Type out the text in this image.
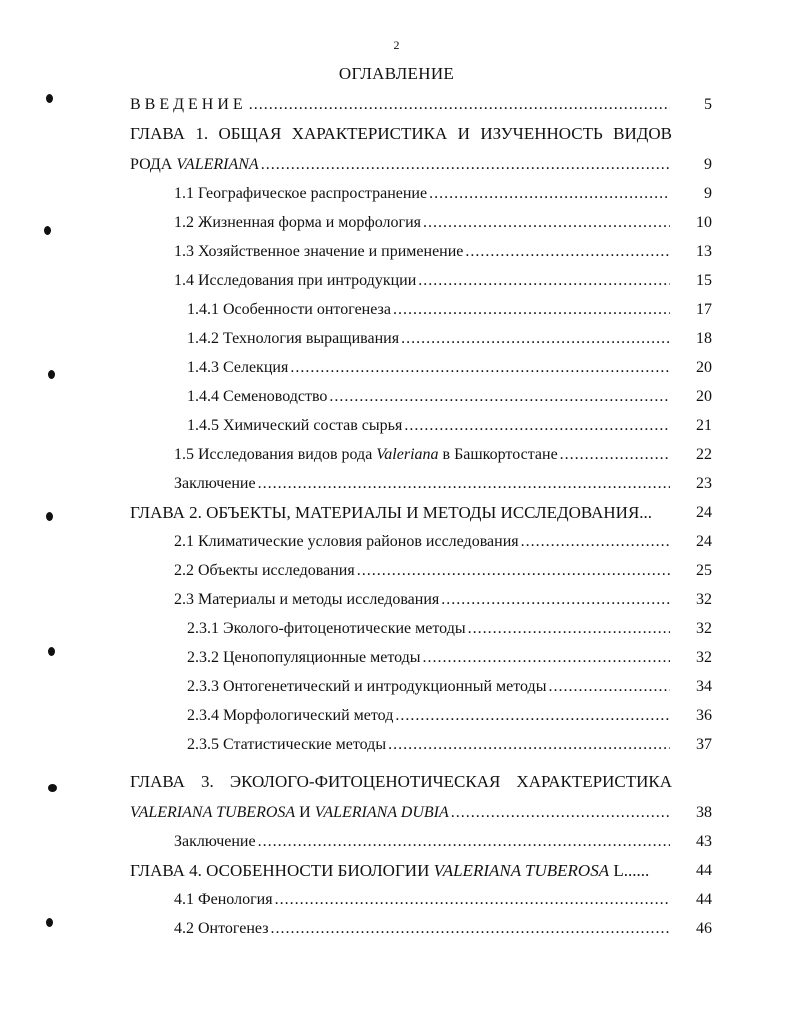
2
ОГЛАВЛЕНИЕ
ВВЕДЕНИЕ .....	5
ГЛАВА 1. ОБЩАЯ ХАРАКТЕРИСТИКА И ИЗУЧЕННОСТЬ ВИДОВ
РОДА VALERIANA .....	9
1.1 Географическое распространение .....	9
1.2 Жизненная форма и морфология .....	10
1.3 Хозяйственное значение и применение .....	13
1.4 Исследования при интродукции .....	15
1.4.1 Особенности онтогенеза .....	17
1.4.2 Технология выращивания .....	18
1.4.3 Селекция .....	20
1.4.4 Семеноводство .....	20
1.4.5 Химический состав сырья .....	21
1.5 Исследования видов рода Valeriana в Башкортостане .....	22
Заключение .....	23
ГЛАВА 2. ОБЪЕКТЫ, МАТЕРИАЛЫ И МЕТОДЫ ИССЛЕДОВАНИЯ...	24
2.1 Климатические условия районов исследования .....	24
2.2 Объекты исследования .....	25
2.3 Материалы и методы исследования .....	32
2.3.1 Эколого-фитоценотические методы .....	32
2.3.2 Ценопопуляционные методы .....	32
2.3.3 Онтогенетический и интродукционный методы .....	34
2.3.4 Морфологический метод .....	36
2.3.5 Статистические методы .....	37
ГЛАВА 3. ЭКОЛОГО-ФИТОЦЕНОТИЧЕСКАЯ ХАРАКТЕРИСТИКА
VALERIANA TUBEROSA И VALERIANA DUBIA .....	38
Заключение .....	43
ГЛАВА 4. ОСОБЕННОСТИ БИОЛОГИИ VALERIANA TUBEROSA L......	44
4.1 Фенология .....	44
4.2 Онтогенез .....	46
